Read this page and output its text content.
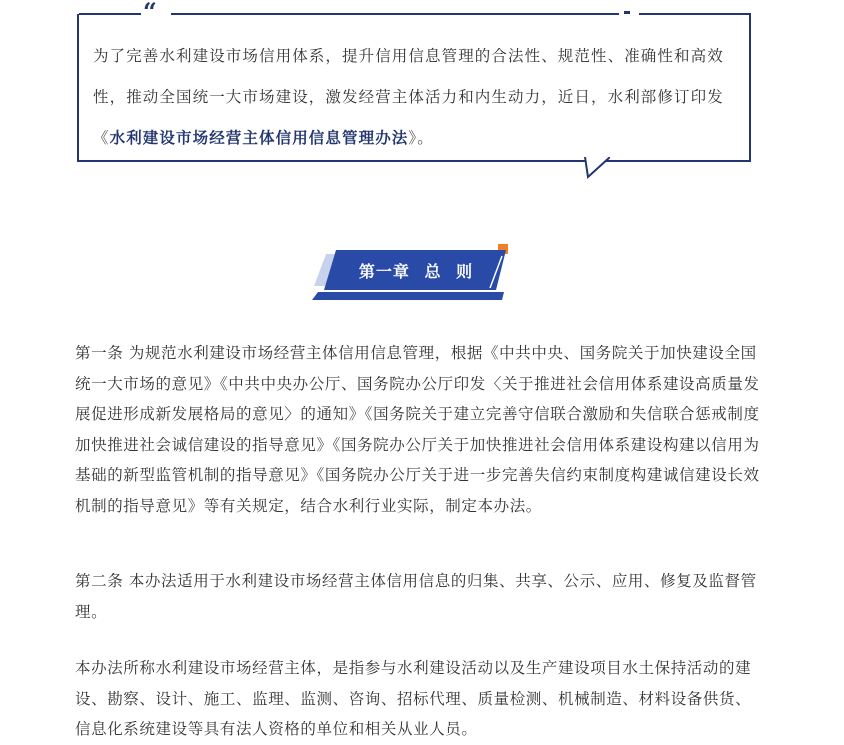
“
为了完善水利建设市场信用体系，提升信用信息管理的合法性、规范性、准确性和高效性，推动全国统一大市场建设，激发经营主体活力和内生动力，近日，水利部修订印发《水利建设市场经营主体信用信息管理办法》。
第一章 总 则

第一条 为规范水利建设市场经营主体信用信息管理，根据《中共中央、国务院关于加快建设全国统一大市场的意见》《中共中央办公厅、国务院办公厅印发〈关于推进社会信用体系建设高质量发展促进形成新发展格局的意见〉的通知》《国务院关于建立完善守信联合激励和失信联合惩戒制度加快推进社会诚信建设的指导意见》《国务院办公厅关于加快推进社会信用体系建设构建以信用为基础的新型监管机制的指导意见》《国务院办公厅关于进一步完善失信约束制度构建诚信建设长效机制的指导意见》等有关规定，结合水利行业实际，制定本办法。

第二条 本办法适用于水利建设市场经营主体信用信息的归集、共享、公示、应用、修复及监督管理。

本办法所称水利建设市场经营主体，是指参与水利建设活动以及生产建设项目水土保持活动的建设、勘察、设计、施工、监理、监测、咨询、招标代理、质量检测、机械制造、材料设备供货、信息化系统建设等具有法人资格的单位和相关从业人员。
